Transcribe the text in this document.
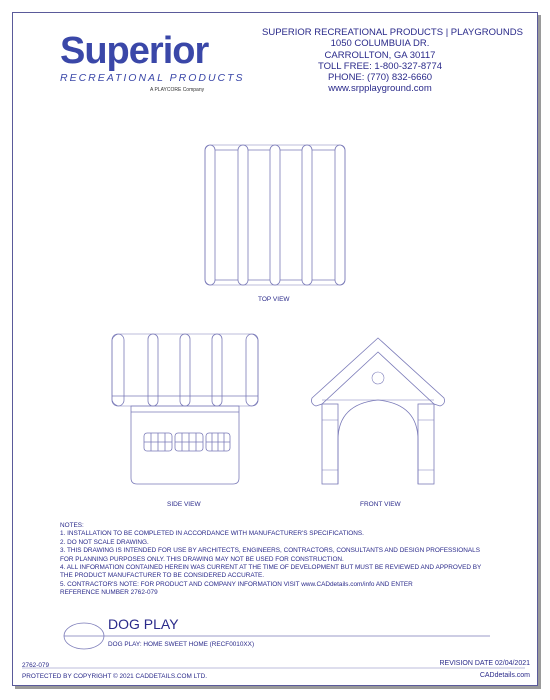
Superior
RECREATIONAL PRODUCTS
A PLAYCORE Company
SUPERIOR RECREATIONAL PRODUCTS | PLAYGROUNDS
1050 COLUMBUIA DR.
CARROLLTON, GA 30117
TOLL FREE: 1-800-327-8774
PHONE: (770) 832-6660
www.srpplayground.com
TOP VIEW
SIDE VIEW	FRONT VIEW
NOTES:
1. INSTALLATION TO BE COMPLETED IN ACCORDANCE WITH MANUFACTURER'S SPECIFICATIONS.
2. DO NOT SCALE DRAWING.
3. THIS DRAWING IS INTENDED FOR USE BY ARCHITECTS, ENGINEERS, CONTRACTORS, CONSULTANTS AND DESIGN PROFESSIONALS
FOR PLANNING PURPOSES ONLY. THIS DRAWING MAY NOT BE USED FOR CONSTRUCTION.
4. ALL INFORMATION CONTAINED HEREIN WAS CURRENT AT THE TIME OF DEVELOPMENT BUT MUST BE REVIEWED AND APPROVED BY
THE PRODUCT MANUFACTURER TO BE CONSIDERED ACCURATE.
5. CONTRACTOR'S NOTE: FOR PRODUCT AND COMPANY INFORMATION VISIT www.CADdetails.com/info AND ENTER
REFERENCE NUMBER 2762-079
DOG PLAY
DOG PLAY: HOME SWEET HOME (RECF0010XX)
2762-079	REVISION DATE 02/04/2021
PROTECTED BY COPYRIGHT © 2021 CADDETAILS.COM LTD.	CADdetails.com
